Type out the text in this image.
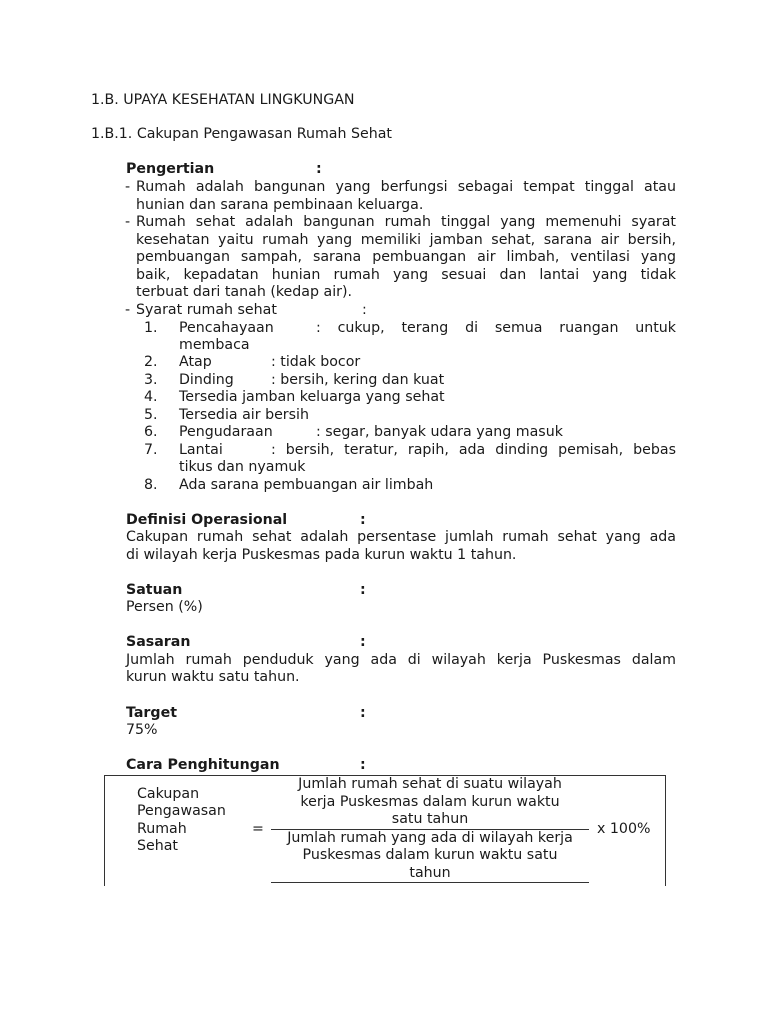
1.B. UPAYA KESEHATAN LINGKUNGAN
1.B.1. Cakupan Pengawasan Rumah Sehat
Pengertian	:
- Rumah adalah bangunan yang berfungsi sebagai tempat tinggal atau
hunian dan sarana pembinaan keluarga.
- Rumah sehat adalah bangunan rumah tinggal yang memenuhi syarat
kesehatan yaitu rumah yang memiliki jamban sehat, sarana air bersih,
pembuangan sampah, sarana pembuangan air limbah, ventilasi yang
baik, kepadatan hunian rumah yang sesuai dan lantai yang tidak
terbuat dari tanah (kedap air).
- Syarat rumah sehat	:
1. Pencahayaan	: cukup, terang di semua ruangan untuk
membaca
2. Atap	: tidak bocor
3. Dinding	: bersih, kering dan kuat
4. Tersedia jamban keluarga yang sehat
5. Tersedia air bersih
6. Pengudaraan	: segar, banyak udara yang masuk
7. Lantai	: bersih, teratur, rapih, ada dinding pemisah, bebas
tikus dan nyamuk
8. Ada sarana pembuangan air limbah
Definisi Operasional	:
Cakupan rumah sehat adalah persentase jumlah rumah sehat yang ada
di wilayah kerja Puskesmas pada kurun waktu 1 tahun.
Satuan	:
Persen (%)
Sasaran	:
Jumlah rumah penduduk yang ada di wilayah kerja Puskesmas dalam
kurun waktu satu tahun.
Target	:
75%
Cara Penghitungan	:
Cakupan
Pengawasan
Rumah
Sehat
=
Jumlah rumah sehat di suatu wilayah
kerja Puskesmas dalam kurun waktu
satu tahun
Jumlah rumah yang ada di wilayah kerja
Puskesmas dalam kurun waktu satu
tahun
x 100%
